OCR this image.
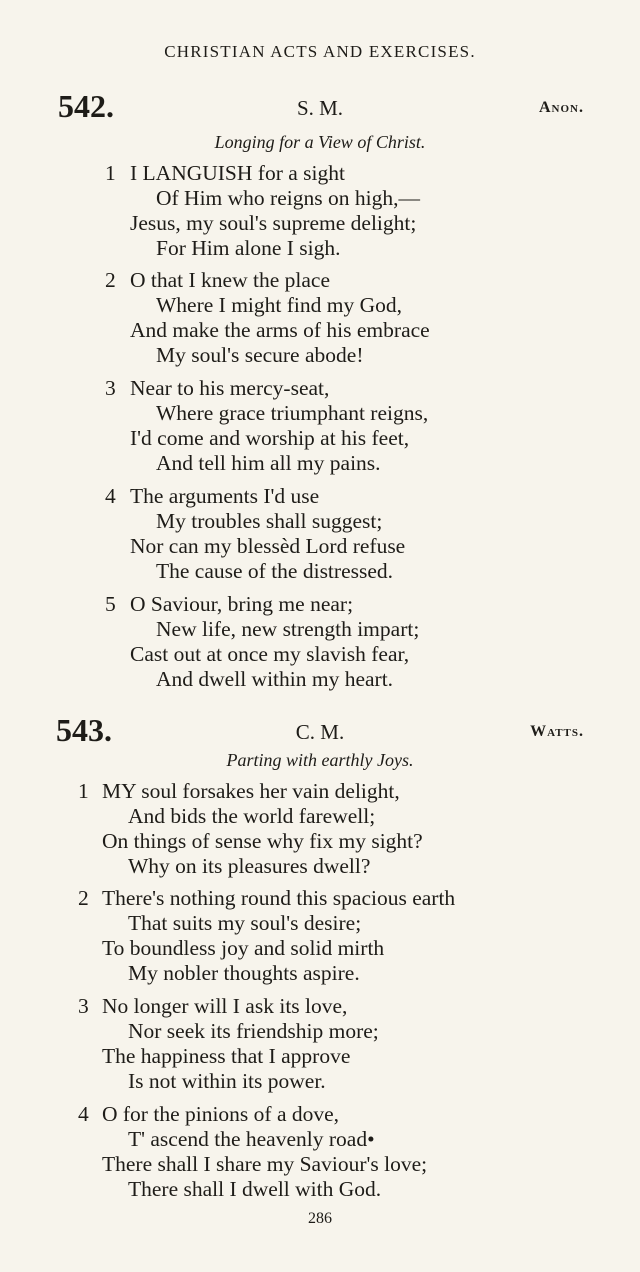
CHRISTIAN ACTS AND EXERCISES.
542.	S. M.	Anon.
Longing for a View of Christ.
1 I LANGUISH for a sight
Of Him who reigns on high,—
Jesus, my soul's supreme delight;
For Him alone I sigh.
2 O that I knew the place
Where I might find my God,
And make the arms of his embrace
My soul's secure abode!
3 Near to his mercy-seat,
Where grace triumphant reigns,
I'd come and worship at his feet,
And tell him all my pains.
4 The arguments I'd use
My troubles shall suggest;
Nor can my blessèd Lord refuse
The cause of the distressed.
5 O Saviour, bring me near;
New life, new strength impart;
Cast out at once my slavish fear,
And dwell within my heart.
543.	C. M.	Watts.
Parting with earthly Joys.
1 MY soul forsakes her vain delight,
And bids the world farewell;
On things of sense why fix my sight?
Why on its pleasures dwell?
2 There's nothing round this spacious earth
That suits my soul's desire;
To boundless joy and solid mirth
My nobler thoughts aspire.
3 No longer will I ask its love,
Nor seek its friendship more;
The happiness that I approve
Is not within its power.
4 O for the pinions of a dove,
T' ascend the heavenly road•
There shall I share my Saviour's love;
There shall I dwell with God.
286
